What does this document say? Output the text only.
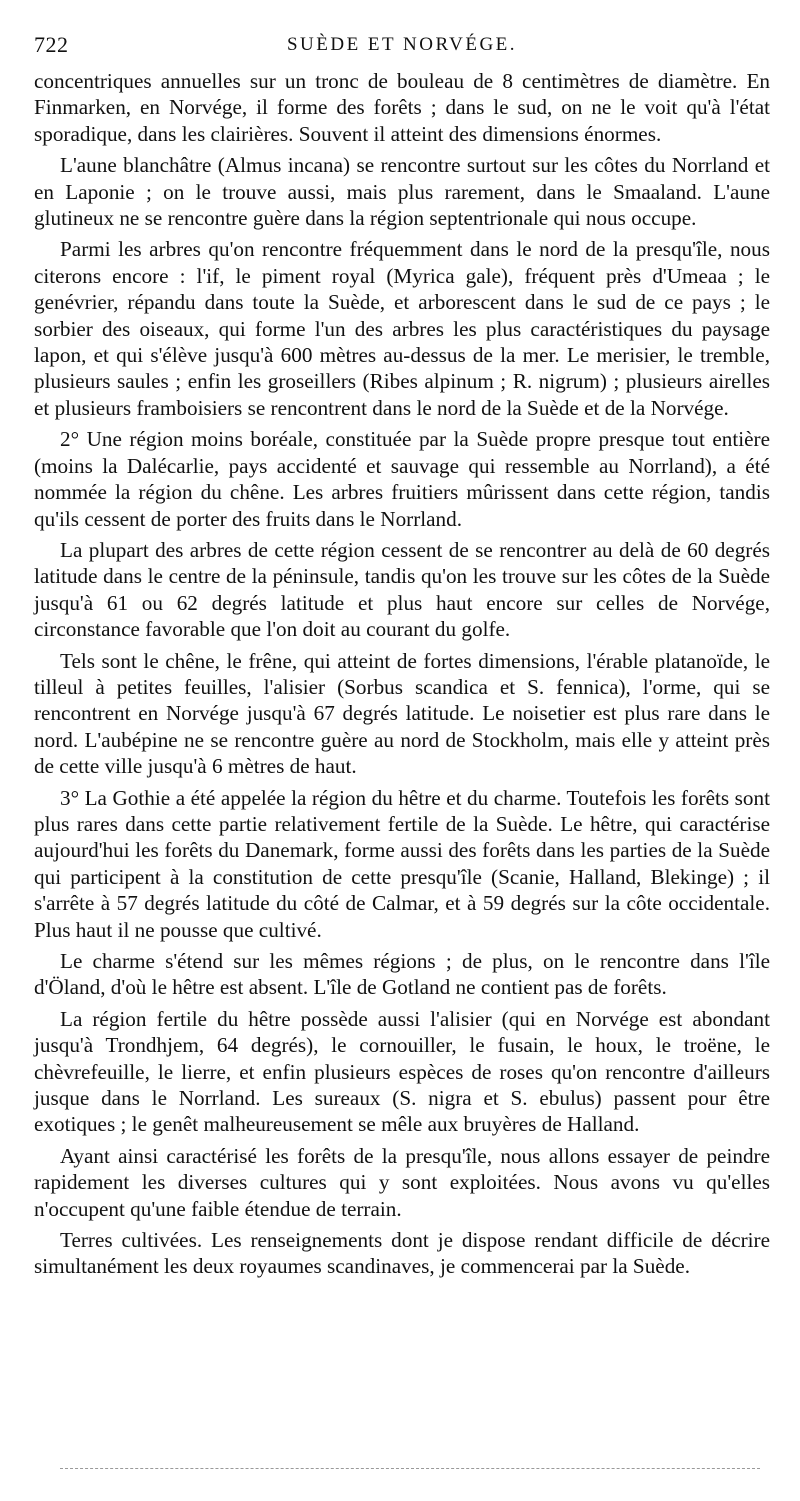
722	SUÈDE ET NORVÉGE.

concentriques annuelles sur un tronc de bouleau de 8 centimètres de diamètre. En Finmarken, en Norvége, il forme des forêts ; dans le sud, on ne le voit qu'à l'état sporadique, dans les clairières. Souvent il atteint des dimensions énormes.

L'aune blanchâtre (Almus incana) se rencontre surtout sur les côtes du Norrland et en Laponie ; on le trouve aussi, mais plus rarement, dans le Smaaland. L'aune glutineux ne se rencontre guère dans la région septentrionale qui nous occupe.

Parmi les arbres qu'on rencontre fréquemment dans le nord de la presqu'île, nous citerons encore : l'if, le piment royal (Myrica gale), fréquent près d'Umeaa ; le genévrier, répandu dans toute la Suède, et arborescent dans le sud de ce pays ; le sorbier des oiseaux, qui forme l'un des arbres les plus caractéristiques du paysage lapon, et qui s'élève jusqu'à 600 mètres au-dessus de la mer. Le merisier, le tremble, plusieurs saules ; enfin les groseillers (Ribes alpinum ; R. nigrum) ; plusieurs airelles et plusieurs framboisiers se rencontrent dans le nord de la Suède et de la Norvége.

2° Une région moins boréale, constituée par la Suède propre presque tout entière (moins la Dalécarlie, pays accidenté et sauvage qui ressemble au Norrland), a été nommée la région du chêne. Les arbres fruitiers mûrissent dans cette région, tandis qu'ils cessent de porter des fruits dans le Norrland.

La plupart des arbres de cette région cessent de se rencontrer au delà de 60 degrés latitude dans le centre de la péninsule, tandis qu'on les trouve sur les côtes de la Suède jusqu'à 61 ou 62 degrés latitude et plus haut encore sur celles de Norvége, circonstance favorable que l'on doit au courant du golfe.

Tels sont le chêne, le frêne, qui atteint de fortes dimensions, l'érable platanoïde, le tilleul à petites feuilles, l'alisier (Sorbus scandica et S. fennica), l'orme, qui se rencontrent en Norvége jusqu'à 67 degrés latitude. Le noisetier est plus rare dans le nord. L'aubépine ne se rencontre guère au nord de Stockholm, mais elle y atteint près de cette ville jusqu'à 6 mètres de haut.

3° La Gothie a été appelée la région du hêtre et du charme. Toutefois les forêts sont plus rares dans cette partie relativement fertile de la Suède. Le hêtre, qui caractérise aujourd'hui les forêts du Danemark, forme aussi des forêts dans les parties de la Suède qui participent à la constitution de cette presqu'île (Scanie, Halland, Blekinge) ; il s'arrête à 57 degrés latitude du côté de Calmar, et à 59 degrés sur la côte occidentale. Plus haut il ne pousse que cultivé.

Le charme s'étend sur les mêmes régions ; de plus, on le rencontre dans l'île d'Öland, d'où le hêtre est absent. L'île de Gotland ne contient pas de forêts.

La région fertile du hêtre possède aussi l'alisier (qui en Norvége est abondant jusqu'à Trondhjem, 64 degrés), le cornouiller, le fusain, le houx, le troëne, le chèvrefeuille, le lierre, et enfin plusieurs espèces de roses qu'on rencontre d'ailleurs jusque dans le Norrland. Les sureaux (S. nigra et S. ebulus) passent pour être exotiques ; le genêt malheureusement se mêle aux bruyères de Halland.

Ayant ainsi caractérisé les forêts de la presqu'île, nous allons essayer de peindre rapidement les diverses cultures qui y sont exploitées. Nous avons vu qu'elles n'occupent qu'une faible étendue de terrain.

Terres cultivées. Les renseignements dont je dispose rendant difficile de décrire simultanément les deux royaumes scandinaves, je commencerai par la Suède.
